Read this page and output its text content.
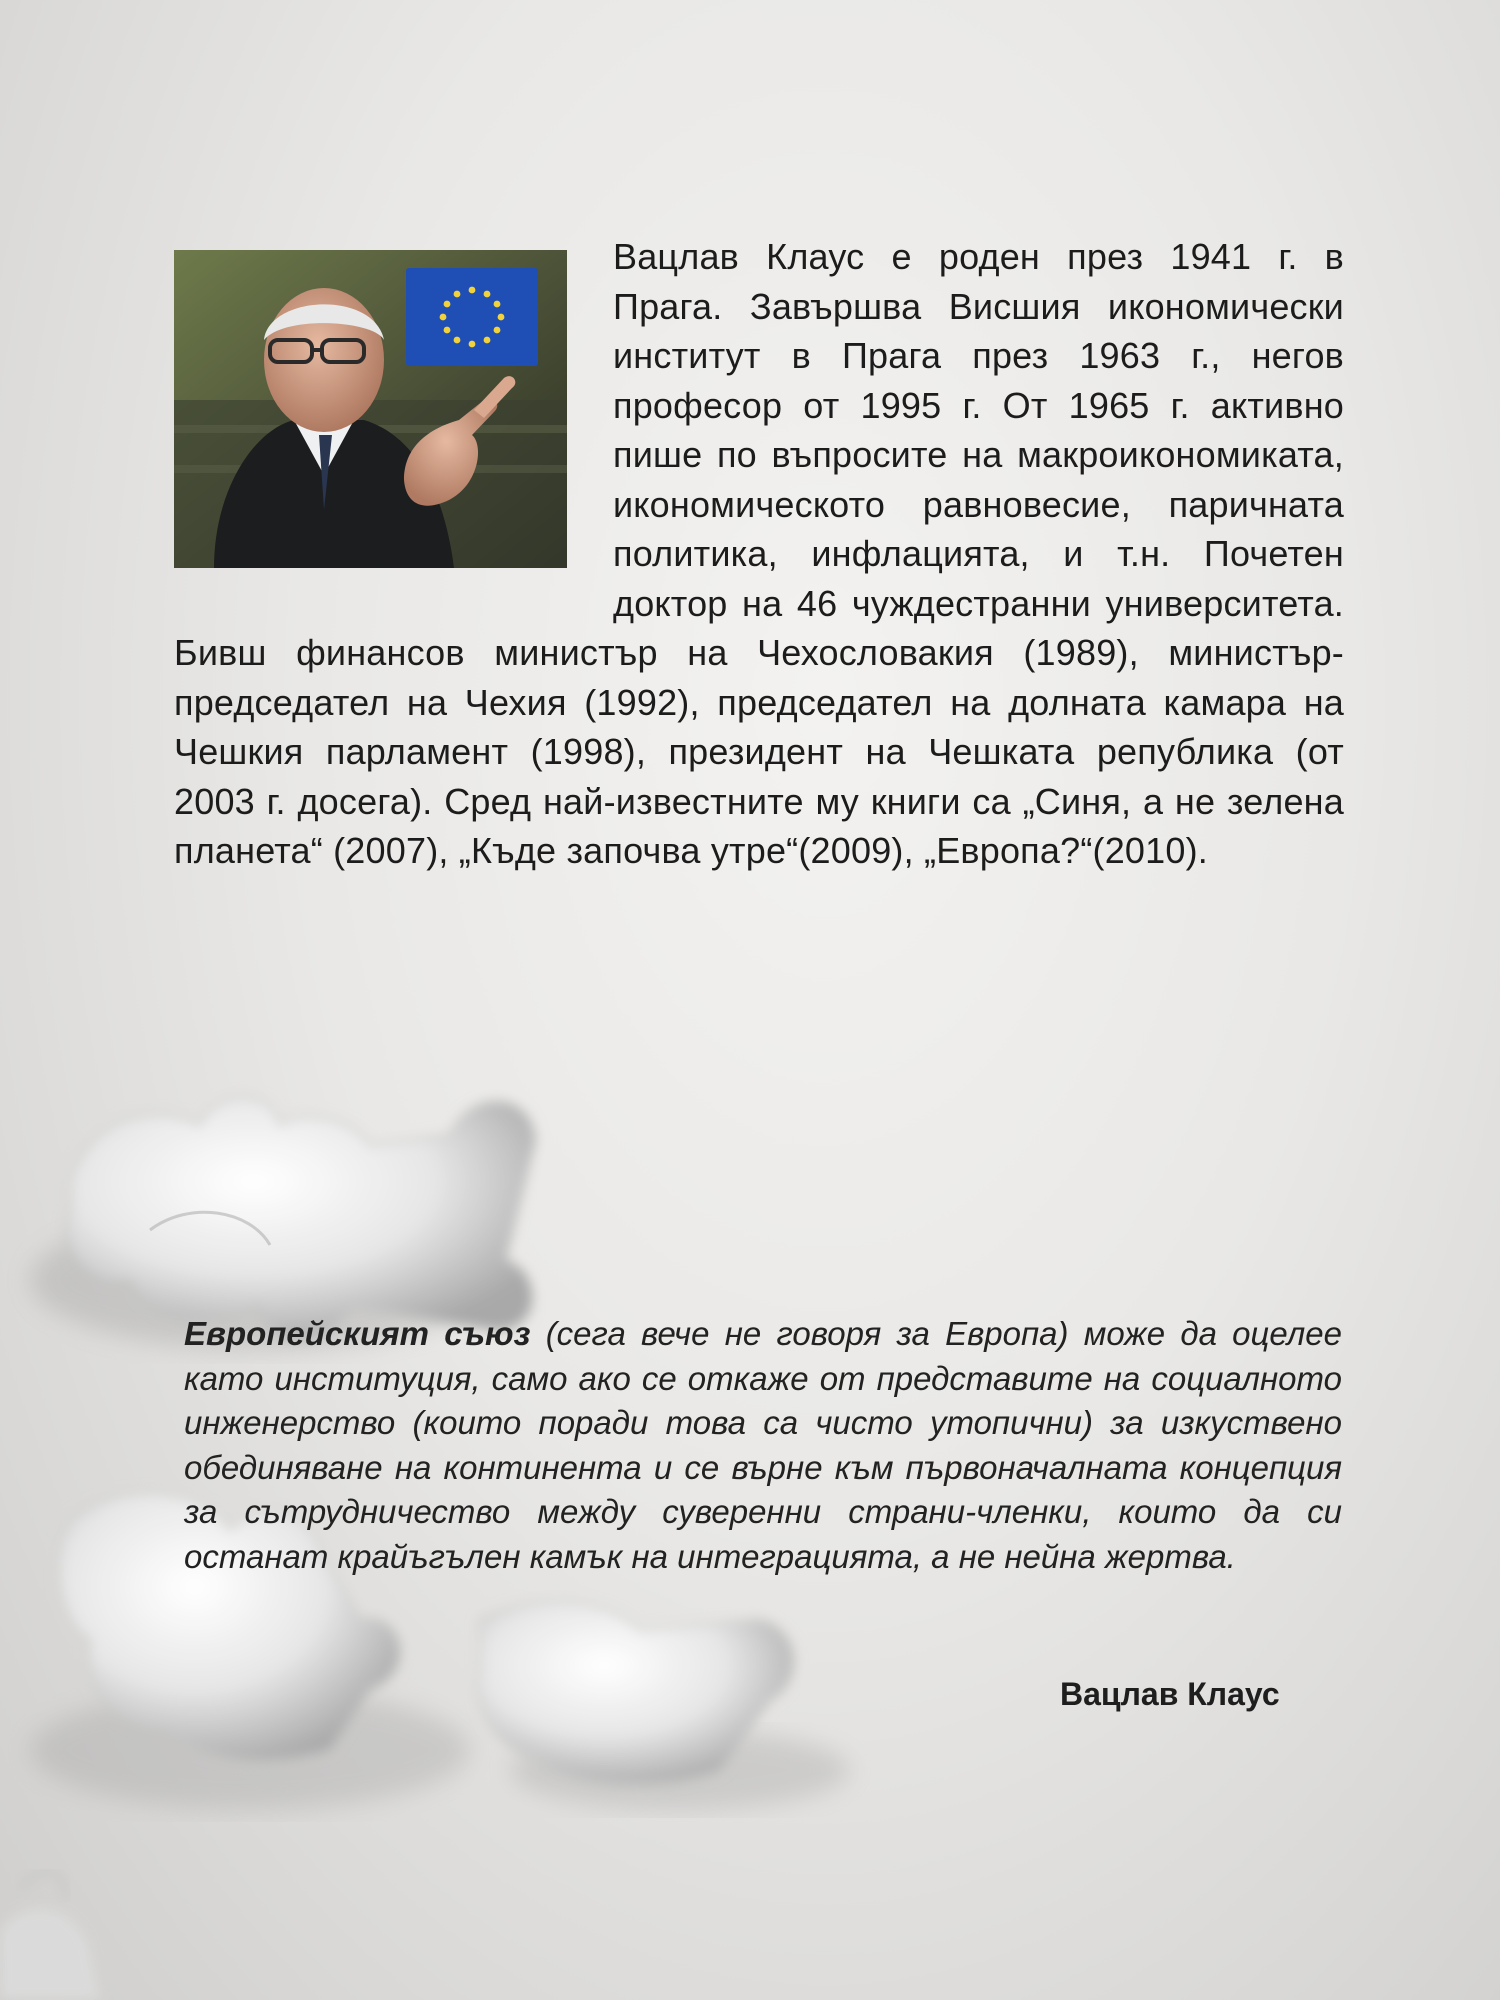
Вацлав Клаус е роден през 1941 г. в Прага. Завършва Висшия икономически институт в Прага през 1963 г., негов професор от 1995 г. От 1965 г. активно пише по въпросите на макроикономиката, икономическото равновесие, паричната политика, инфлацията, и т.н. Почетен доктор на 46 чуждестранни университета. Бивш финансов министър на Чехословакия (1989), министър-председател на Чехия (1992), председател на долната камара на Чешкия парламент (1998), президент на Чешката република (от 2003 г. досега). Сред най-известните му книги са „Синя, а не зелена планета“ (2007), „Къде започва утре“(2009), „Европа?“(2010).

Европейският съюз (сега вече не говоря за Европа) може да оцелее като институция, само ако се откаже от представите на социалното инженерство (които поради това са чисто утопични) за изкуствено обединяване на континента и се върне към първоначалната концепция за сътрудничество между суверенни страни-членки, които да си останат крайъгълен камък на интеграцията, а не нейна жертва.

Вацлав Клаус
